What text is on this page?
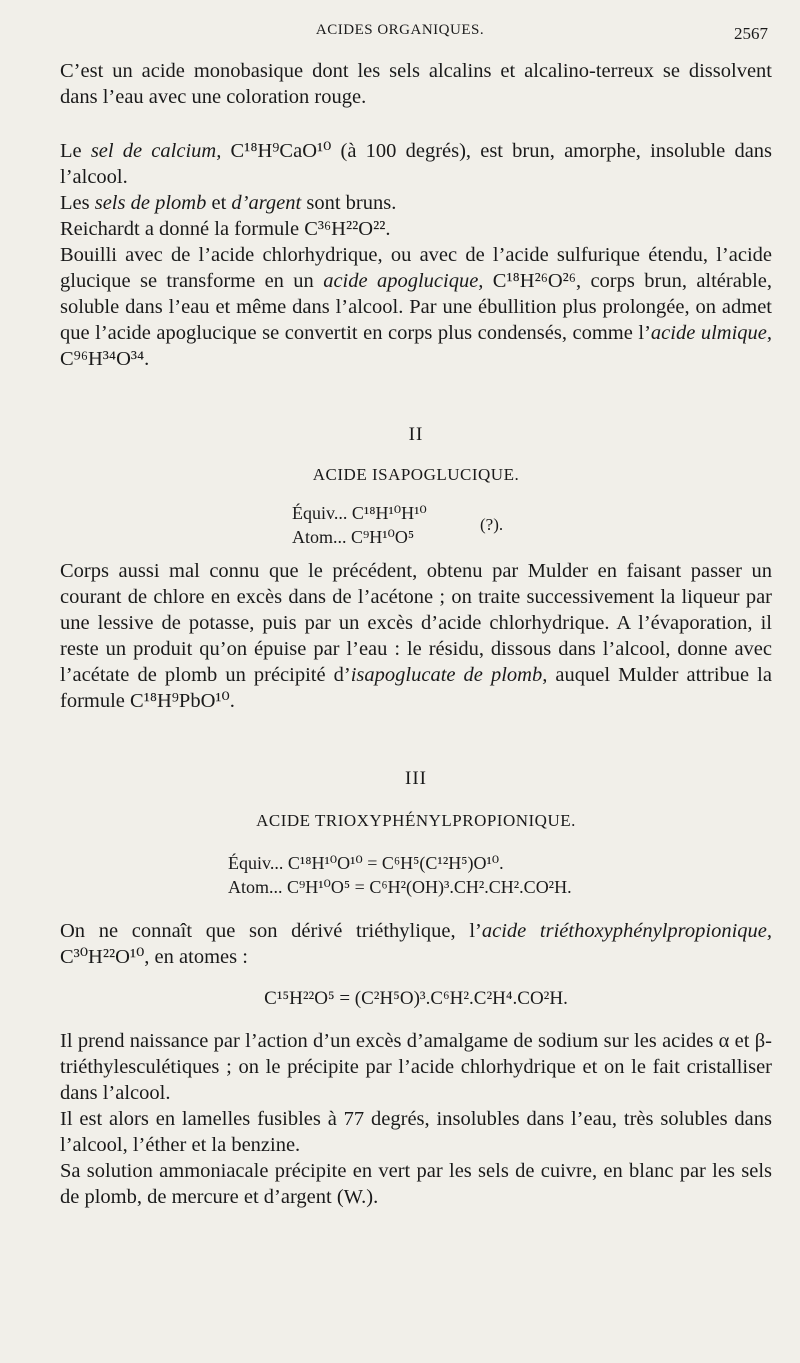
ACIDES ORGANIQUES.	2567

C’est un acide monobasique dont les sels alcalins et alcalino-terreux se dissolvent dans l’eau avec une coloration rouge.

Le sel de calcium, C¹⁸H⁹CaO¹⁰ (à 100 degrés), est brun, amorphe, insoluble dans l’alcool.

Les sels de plomb et d’argent sont bruns.

Reichardt a donné la formule C³⁶H²²O²².

Bouilli avec de l’acide chlorhydrique, ou avec de l’acide sulfurique étendu, l’acide glucique se transforme en un acide apoglucique, C¹⁸H²⁶O²⁶, corps brun, altérable, soluble dans l’eau et même dans l’alcool. Par une ébullition plus prolongée, on admet que l’acide apoglucique se convertit en corps plus condensés, comme l’acide ulmique, C⁹⁶H³⁴O³⁴.

II

ACIDE ISAPOGLUCIQUE.

Équiv... C¹⁸H¹⁰H¹⁰
Atom... C⁹H¹⁰O⁵
(?).

Corps aussi mal connu que le précédent, obtenu par Mulder en faisant passer un courant de chlore en excès dans de l’acétone ; on traite successivement la liqueur par une lessive de potasse, puis par un excès d’acide chlorhydrique. A l’évaporation, il reste un produit qu’on épuise par l’eau : le résidu, dissous dans l’alcool, donne avec l’acétate de plomb un précipité d’isapoglucate de plomb, auquel Mulder attribue la formule C¹⁸H⁹PbO¹⁰.

III

ACIDE TRIOXYPHÉNYLPROPIONIQUE.

Équiv... C¹⁸H¹⁰O¹⁰ = C⁶H⁵(C¹²H⁵)O¹⁰.
Atom... C⁹H¹⁰O⁵ = C⁶H²(OH)³.CH².CH².CO²H.

On ne connaît que son dérivé triéthylique, l’acide triéthoxyphénylpropionique, C³⁰H²²O¹⁰, en atomes :

C¹⁵H²²O⁵ = (C²H⁵O)³.C⁶H².C²H⁴.CO²H.

Il prend naissance par l’action d’un excès d’amalgame de sodium sur les acides α et β-triéthylesculétiques ; on le précipite par l’acide chlorhydrique et on le fait cristalliser dans l’alcool.

Il est alors en lamelles fusibles à 77 degrés, insolubles dans l’eau, très solubles dans l’alcool, l’éther et la benzine.

Sa solution ammoniacale précipite en vert par les sels de cuivre, en blanc par les sels de plomb, de mercure et d’argent (W.).
